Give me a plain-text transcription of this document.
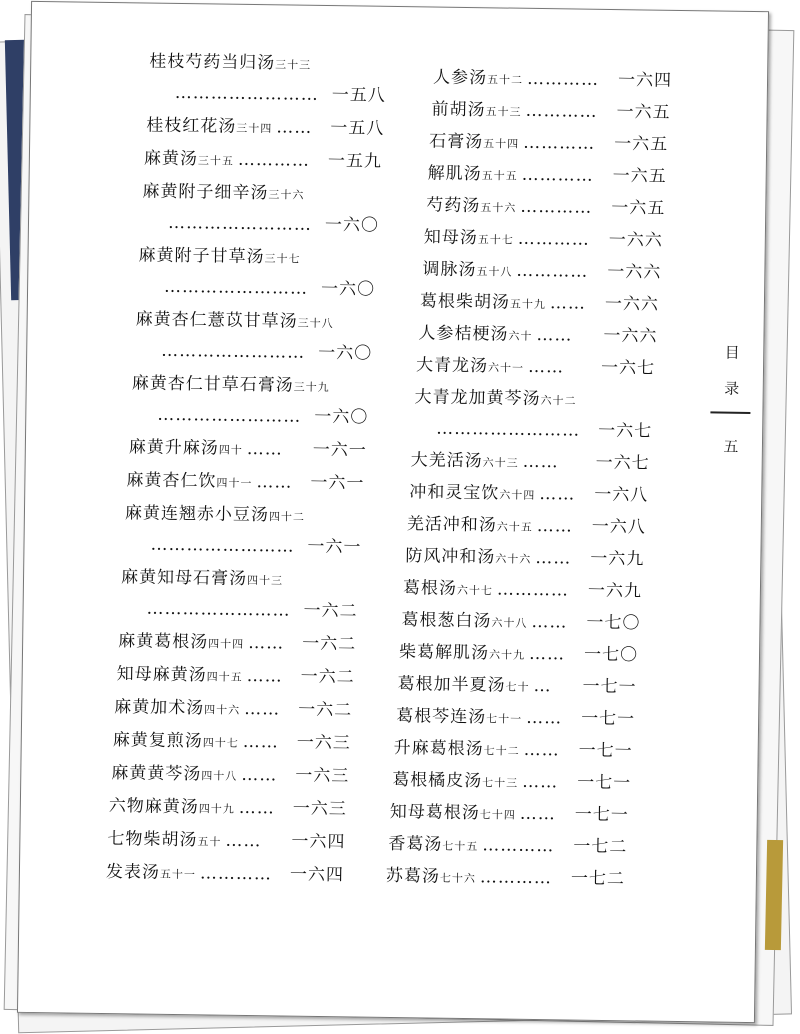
桂枝芍药当归汤三十三
…………………… 一五八
桂枝红花汤三十四 …… 一五八
麻黄汤三十五 ………… 一五九
麻黄附子细辛汤三十六
…………………… 一六〇
麻黄附子甘草汤三十七
…………………… 一六〇
麻黄杏仁薏苡甘草汤三十八
…………………… 一六〇
麻黄杏仁甘草石膏汤三十九
…………………… 一六〇
麻黄升麻汤四十 …… 一六一
麻黄杏仁饮四十一 …… 一六一
麻黄连翘赤小豆汤四十二
…………………… 一六一
麻黄知母石膏汤四十三
…………………… 一六二
麻黄葛根汤四十四 …… 一六二
知母麻黄汤四十五 …… 一六二
麻黄加术汤四十六 …… 一六二
麻黄复煎汤四十七 …… 一六三
麻黄黄芩汤四十八 …… 一六三
六物麻黄汤四十九 …… 一六三
七物柴胡汤五十 …… 一六四
发表汤五十一 ………… 一六四
人参汤五十二 ………… 一六四
前胡汤五十三 ………… 一六五
石膏汤五十四 ………… 一六五
解肌汤五十五 ………… 一六五
芍药汤五十六 ………… 一六五
知母汤五十七 ………… 一六六
调脉汤五十八 ………… 一六六
葛根柴胡汤五十九 …… 一六六
人参桔梗汤六十 …… 一六六
大青龙汤六十一 …… 一六七
大青龙加黄芩汤六十二
…………………… 一六七
大羌活汤六十三 …… 一六七
冲和灵宝饮六十四 …… 一六八
羌活冲和汤六十五 …… 一六八
防风冲和汤六十六 …… 一六九
葛根汤六十七 ………… 一六九
葛根葱白汤六十八 …… 一七〇
柴葛解肌汤六十九 …… 一七〇
葛根加半夏汤七十 … 一七一
葛根芩连汤七十一 …… 一七一
升麻葛根汤七十二 …… 一七一
葛根橘皮汤七十三 …… 一七一
知母葛根汤七十四 …… 一七一
香葛汤七十五 ………… 一七二
苏葛汤七十六 ………… 一七二
目
录
五
